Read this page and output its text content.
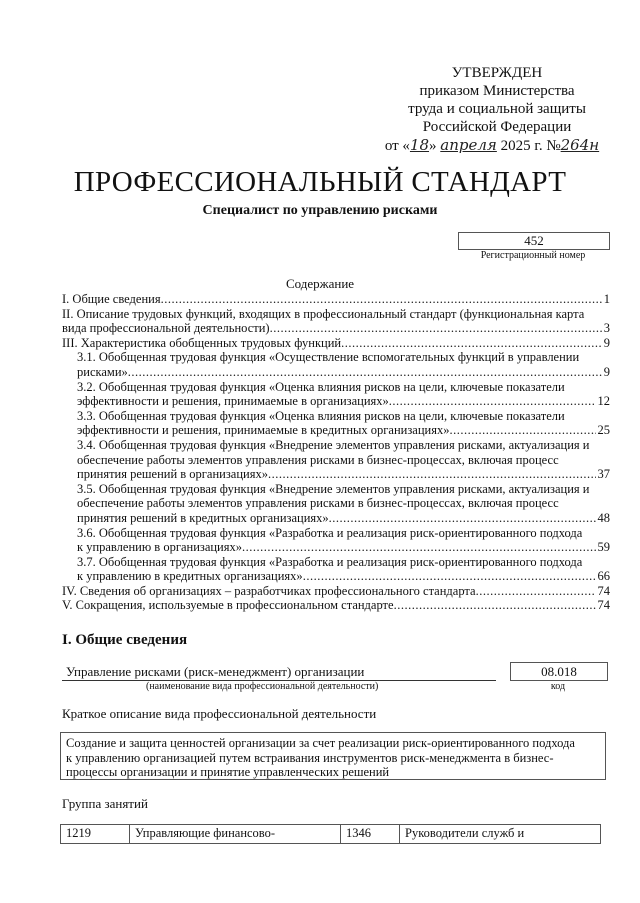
УТВЕРЖДЕН
приказом Министерства
труда и социальной защиты
Российской Федерации
от «18» апреля 2025 г. №264н
ПРОФЕССИОНАЛЬНЫЙ СТАНДАРТ
Специалист по управлению рисками
452
Регистрационный номер
Содержание
I. Общие сведения .....	1
II. Описание трудовых функций, входящих в профессиональный стандарт (функциональная карта
вида профессиональной деятельности) .....	3
III. Характеристика обобщенных трудовых функций .....	9
3.1. Обобщенная трудовая функция «Осуществление вспомогательных функций в управлении
рисками» .....	9
3.2. Обобщенная трудовая функция «Оценка влияния рисков на цели, ключевые показатели
эффективности и решения, принимаемые в организациях» .....	12
3.3. Обобщенная трудовая функция «Оценка влияния рисков на цели, ключевые показатели
эффективности и решения, принимаемые в кредитных организациях» .....	25
3.4. Обобщенная трудовая функция «Внедрение элементов управления рисками, актуализация и
обеспечение работы элементов управления рисками в бизнес-процессах, включая процесс
принятия решений в организациях» .....	37
3.5. Обобщенная трудовая функция «Внедрение элементов управления рисками, актуализация и
обеспечение работы элементов управления рисками в бизнес-процессах, включая процесс
принятия решений в кредитных организациях» .....	48
3.6. Обобщенная трудовая функция «Разработка и реализация риск-ориентированного подхода
к управлению в организациях» .....	59
3.7. Обобщенная трудовая функция «Разработка и реализация риск-ориентированного подхода
к управлению в кредитных организациях» .....	66
IV. Сведения об организациях – разработчиках профессионального стандарта .....	74
V. Сокращения, используемые в профессиональном стандарте .....	74
I. Общие сведения
Управление рисками (риск-менеджмент) организации
(наименование вида профессиональной деятельности)
08.018
код
Краткое описание вида профессиональной деятельности
Создание и защита ценностей организации за счет реализации риск-ориентированного подхода
к управлению организацией путем встраивания инструментов риск-менеджмента в бизнес-
процессы организации и принятие управленческих решений
Группа занятий
1219	Управляющие финансово-	1346	Руководители служб и
